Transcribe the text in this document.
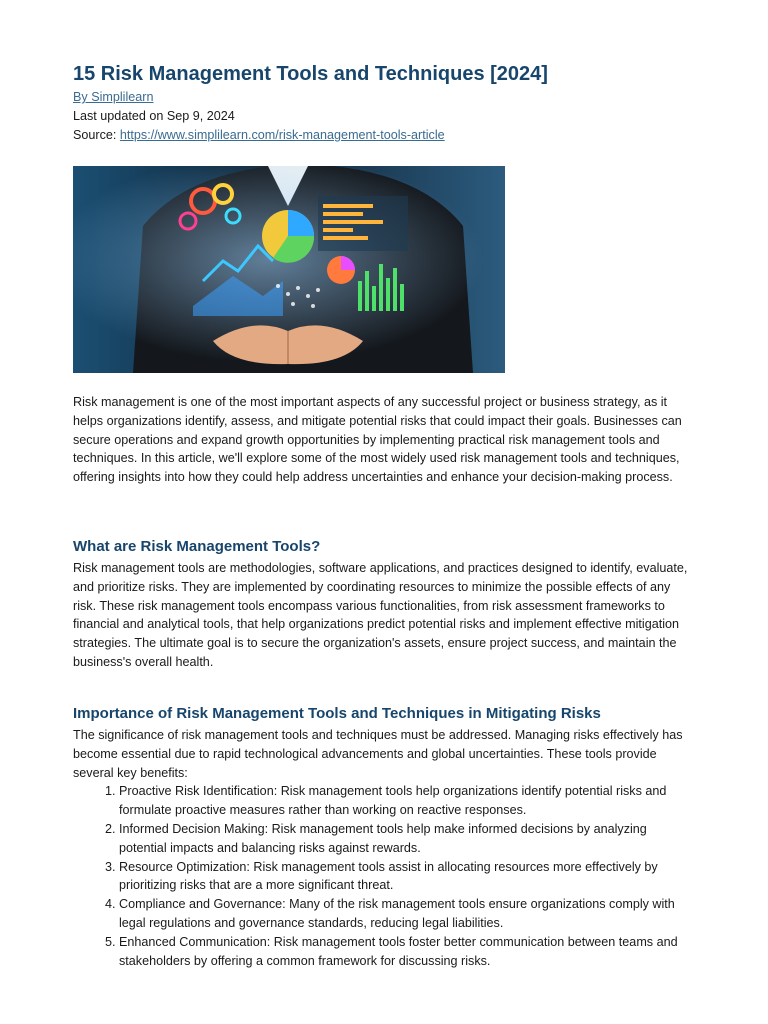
15 Risk Management Tools and Techniques [2024]
By Simplilearn
Last updated on Sep 9, 2024
Source: https://www.simplilearn.com/risk-management-tools-article

Risk management is one of the most important aspects of any successful project or business strategy, as it helps organizations identify, assess, and mitigate potential risks that could impact their goals. Businesses can secure operations and expand growth opportunities by implementing practical risk management tools and techniques. In this article, we'll explore some of the most widely used risk management tools and techniques, offering insights into how they could help address uncertainties and enhance your decision-making process.

What are Risk Management Tools?

Risk management tools are methodologies, software applications, and practices designed to identify, evaluate, and prioritize risks. They are implemented by coordinating resources to minimize the possible effects of any risk. These risk management tools encompass various functionalities, from risk assessment frameworks to financial and analytical tools, that help organizations predict potential risks and implement effective mitigation strategies. The ultimate goal is to secure the organization's assets, ensure project success, and maintain the business's overall health.

Importance of Risk Management Tools and Techniques in Mitigating Risks

The significance of risk management tools and techniques must be addressed. Managing risks effectively has become essential due to rapid technological advancements and global uncertainties. These tools provide several key benefits:

1. Proactive Risk Identification: Risk management tools help organizations identify potential risks and formulate proactive measures rather than working on reactive responses.
2. Informed Decision Making: Risk management tools help make informed decisions by analyzing potential impacts and balancing risks against rewards.
3. Resource Optimization: Risk management tools assist in allocating resources more effectively by prioritizing risks that are a more significant threat.
4. Compliance and Governance: Many of the risk management tools ensure organizations comply with legal regulations and governance standards, reducing legal liabilities.
5. Enhanced Communication: Risk management tools foster better communication between teams and stakeholders by offering a common framework for discussing risks.
